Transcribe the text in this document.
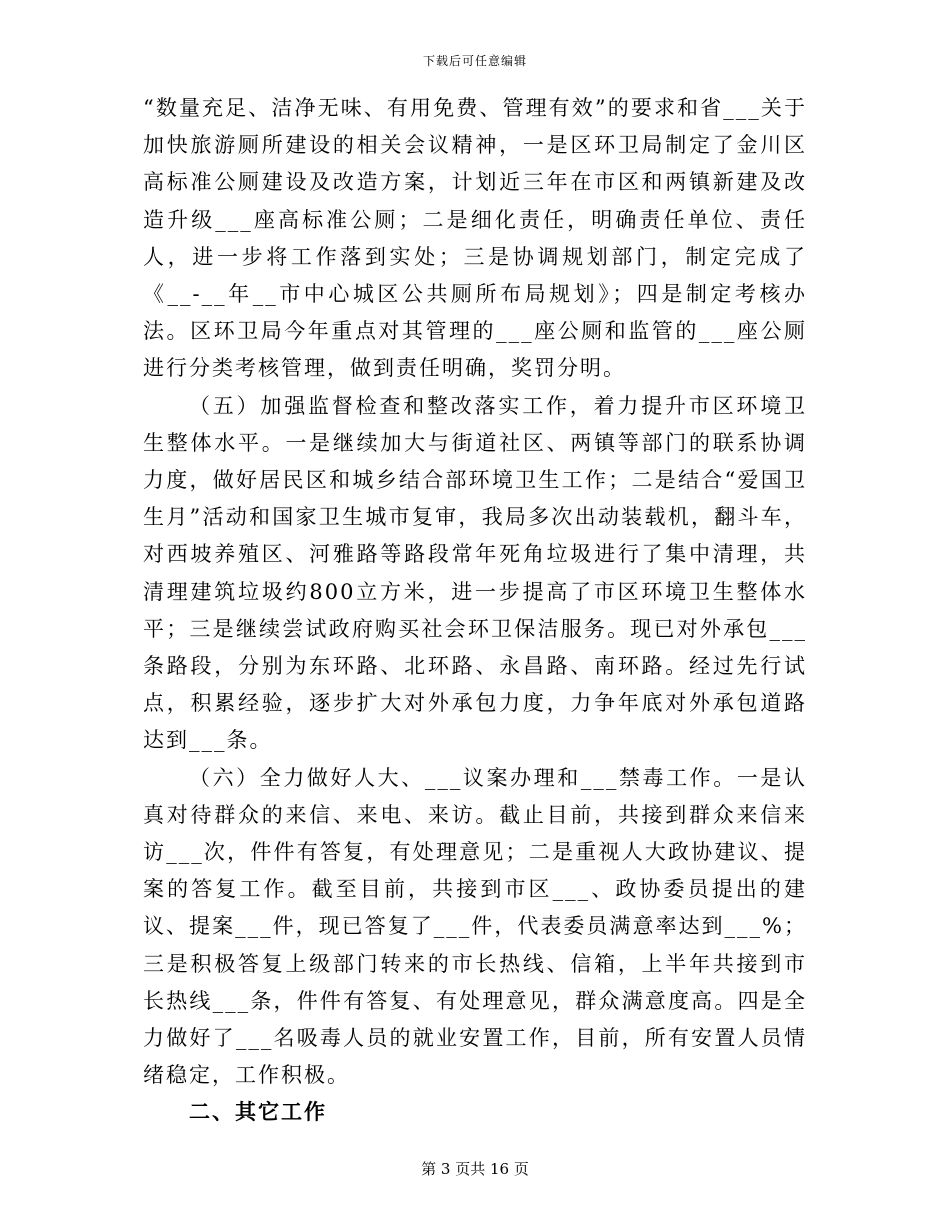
下载后可任意编辑

“数量充足、洁净无味、有用免费、管理有效”的要求和省___关于加快旅游厕所建设的相关会议精神，一是区环卫局制定了金川区高标准公厕建设及改造方案，计划近三年在市区和两镇新建及改造升级___座高标准公厕；二是细化责任，明确责任单位、责任人，进一步将工作落到实处；三是协调规划部门，制定完成了《__-__年__市中心城区公共厕所布局规划》；四是制定考核办法。区环卫局今年重点对其管理的___座公厕和监管的___座公厕进行分类考核管理，做到责任明确，奖罚分明。

（五）加强监督检查和整改落实工作，着力提升市区环境卫生整体水平。一是继续加大与街道社区、两镇等部门的联系协调力度，做好居民区和城乡结合部环境卫生工作；二是结合“爱国卫生月”活动和国家卫生城市复审，我局多次出动装载机，翻斗车，对西坡养殖区、河雅路等路段常年死角垃圾进行了集中清理，共清理建筑垃圾约800立方米，进一步提高了市区环境卫生整体水平；三是继续尝试政府购买社会环卫保洁服务。现已对外承包___条路段，分别为东环路、北环路、永昌路、南环路。经过先行试点，积累经验，逐步扩大对外承包力度，力争年底对外承包道路达到___条。

（六）全力做好人大、___议案办理和___禁毒工作。一是认真对待群众的来信、来电、来访。截止目前，共接到群众来信来访___次，件件有答复，有处理意见；二是重视人大政协建议、提案的答复工作。截至目前，共接到市区___、政协委员提出的建议、提案___件，现已答复了___件，代表委员满意率达到___%；三是积极答复上级部门转来的市长热线、信箱，上半年共接到市长热线___条，件件有答复、有处理意见，群众满意度高。四是全力做好了___名吸毒人员的就业安置工作，目前，所有安置人员情绪稳定，工作积极。

二、其它工作

第 3 页共 16 页
